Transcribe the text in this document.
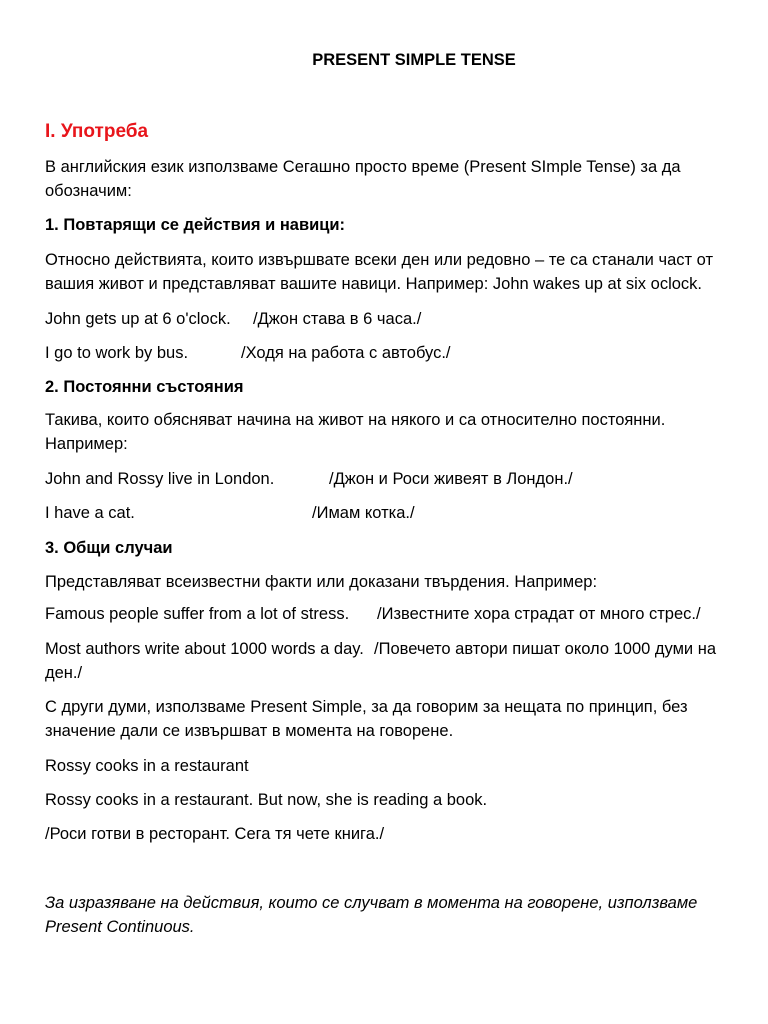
PRESENT SIMPLE TENSE
I. Употреба
В английския език използваме Сегашно просто време (Present SImple Tense) за да
обозначим:
1. Повтарящи се действия и навици:
Относно действията, които извършвате всеки ден или редовно – те са станали част от
вашия живот и представляват вашите навици. Например: John wakes up at six oclock.
John gets up at 6 o'clock. /Джон става в 6 часа./
I go to work by bus.	/Ходя на работа с автобус./
2. Постоянни състояния
Такива, които обясняват начина на живот на някого и са относително постоянни.
Например:
John and Rossy live in London.	/Джон и Роси живеят в Лондон./
I have a cat.	/Имам котка./
3. Общи случаи
Представляват всеизвестни факти или доказани твърдения. Например:
Famous people suffer from a lot of stress. /Известните хора страдат от много стрес./
Most authors write about 1000 words a day. /Повечето автори пишат около 1000 думи на
ден./
С други думи, използваме Present Simple, за да говорим за нещата по принцип, без
значение дали се извършват в момента на говорене.
Rossy cooks in a restaurant
Rossy cooks in a restaurant. But now, she is reading a book.
/Роси готви в ресторант. Сега тя чете книга./
За изразяване на действия, които се случват в момента на говорене, използваме
Present Continuous.
